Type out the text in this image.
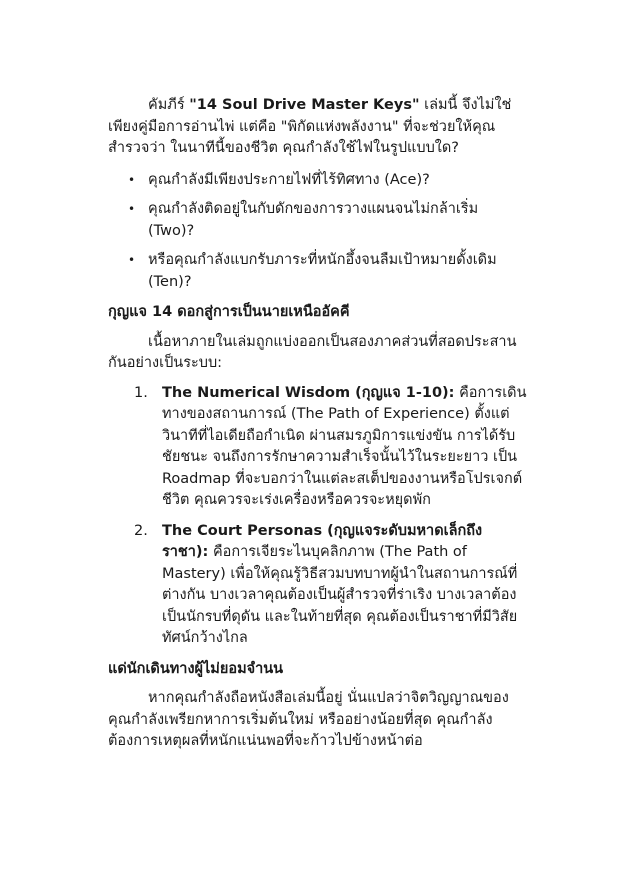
คัมภีร์ "14 Soul Drive Master Keys" เล่มนี้ จึงไม่ใช่เพียงคู่มือการอ่านไพ่ แต่คือ "พิกัดแห่งพลังงาน" ที่จะช่วยให้คุณสำรวจว่า ในนาทีนี้ของชีวิต คุณกำลังใช้ไฟในรูปแบบใด?

• คุณกำลังมีเพียงประกายไฟที่ไร้ทิศทาง (Ace)?
• คุณกำลังติดอยู่ในกับดักของการวางแผนจนไม่กล้าเริ่ม (Two)?
• หรือคุณกำลังแบกรับภาระที่หนักอึ้งจนลืมเป้าหมายดั้งเดิม (Ten)?
กุญแจ 14 ดอกสู่การเป็นนายเหนืออัคคี

เนื้อหาภายในเล่มถูกแบ่งออกเป็นสองภาคส่วนที่สอดประสานกันอย่างเป็นระบบ:

1. The Numerical Wisdom (กุญแจ 1-10): คือการเดินทางของสถานการณ์ (The Path of Experience) ตั้งแต่วินาทีที่ไอเดียถือกำเนิด ผ่านสมรภูมิการแข่งขัน การได้รับชัยชนะ จนถึงการรักษาความสำเร็จนั้นไว้ในระยะยาว เป็น Roadmap ที่จะบอกว่าในแต่ละสเต็ปของงานหรือโปรเจกต์ชีวิต คุณควรจะเร่งเครื่องหรือควรจะหยุดพัก
2. The Court Personas (กุญแจระดับมหาดเล็กถึงราชา): คือการเจียระไนบุคลิกภาพ (The Path of Mastery) เพื่อให้คุณรู้วิธีสวมบทบาทผู้นำในสถานการณ์ที่ต่างกัน บางเวลาคุณต้องเป็นผู้สำรวจที่ร่าเริง บางเวลาต้องเป็นนักรบที่ดุดัน และในท้ายที่สุด คุณต้องเป็นราชาที่มีวิสัยทัศน์กว้างไกล
แด่นักเดินทางผู้ไม่ยอมจำนน

หากคุณกำลังถือหนังสือเล่มนี้อยู่ นั่นแปลว่าจิตวิญญาณของคุณกำลังเพรียกหาการเริ่มต้นใหม่ หรืออย่างน้อยที่สุด คุณกำลังต้องการเหตุผลที่หนักแน่นพอที่จะก้าวไปข้างหน้าต่อ
